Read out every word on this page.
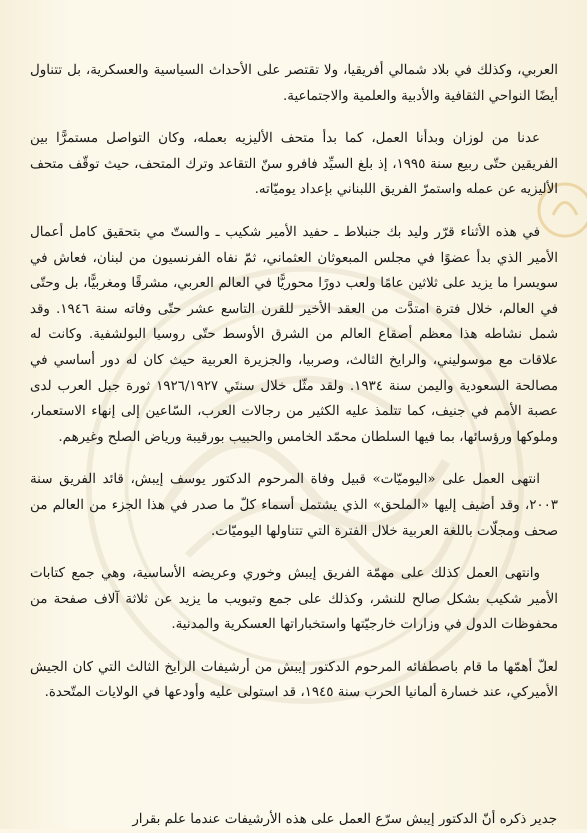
العربي، وكذلك في بلاد شمالي أفريقيا، ولا تقتصر على الأحداث السياسية والعسكرية، بل تتناول أيضًا النواحي الثقافية والأدبية والعلمية والاجتماعية.

عدنا من لوزان وبدأنا العمل، كما بدأ متحف الأليزيه بعمله، وكان التواصل مستمرًّا بين الفريقين حتّى ربيع سنة ١٩٩٥، إذ بلغ السيِّد فافرو سنّ التقاعد وترك المتحف، حيث توقّف متحف الأليزيه عن عمله واستمرّ الفريق اللبناني بإعداد يوميّاته.

في هذه الأثناء قرّر وليد بك جنبلاط ـ حفيد الأمير شكيب ـ والستّ مي بتحقيق كامل أعمال الأمير الذي بدأ عضوًا في مجلس المبعوثان العثماني، ثمّ نفاه الفرنسيون من لبنان، فعاش في سويسرا ما يزيد على ثلاثين عامًا ولعب دورًا محوريًّا في العالم العربي، مشرقًا ومغربيًّا، بل وحتّى في العالم، خلال فترة امتدَّت من العقد الأخير للقرن التاسع عشر حتّى وفاته سنة ١٩٤٦. وقد شمل نشاطه هذا معظم أصقاع العالم من الشرق الأوسط حتّى روسيا البولشفية. وكانت له علاقات مع موسوليني، والرايخ الثالث، وصربيا، والجزيرة العربية حيث كان له دور أساسي في مصالحة السعودية واليمن سنة ١٩٣٤. ولقد مثّل خلال سنتَي ١٩٢٦/١٩٢٧ ثورة جبل العرب لدى عصبة الأمم في جنيف، كما تتلمذ عليه الكثير من رجالات العرب، السّاعين إلى إنهاء الاستعمار، وملوكها ورؤسائها، بما فيها السلطان محمّد الخامس والحبيب بورقيبة ورياض الصلح وغيرهم.

انتهى العمل على «اليوميّات» قبيل وفاة المرحوم الدكتور يوسف إيبش، قائد الفريق سنة ٢٠٠٣، وقد أضيف إليها «الملحق» الذي يشتمل أسماء كلّ ما صدر في هذا الجزء من العالم من صحف ومجلّات باللغة العربية خلال الفترة التي تتناولها اليوميّات.

وانتهى العمل كذلك على مهمّة الفريق إيبش وخوري وعريضه الأساسية، وهي جمع كتابات الأمير شكيب بشكل صالح للنشر، وكذلك على جمع وتبويب ما يزيد عن ثلاثة آلاف صفحة من محفوظات الدول في وزارات خارجيّتها واستخباراتها العسكرية والمدنية.

لعلّ أهمّها ما قام باصطفائه المرحوم الدكتور إيبش من أرشيفات الرايخ الثالث التي كان الجيش الأميركي، عند خسارة ألمانيا الحرب سنة ١٩٤٥، قد استولى عليه وأودعها في الولايات المتّحدة.

جدير ذكره أنّ الدكتور إيبش سرّع العمل على هذه الأرشيفات عندما علم بقرار
